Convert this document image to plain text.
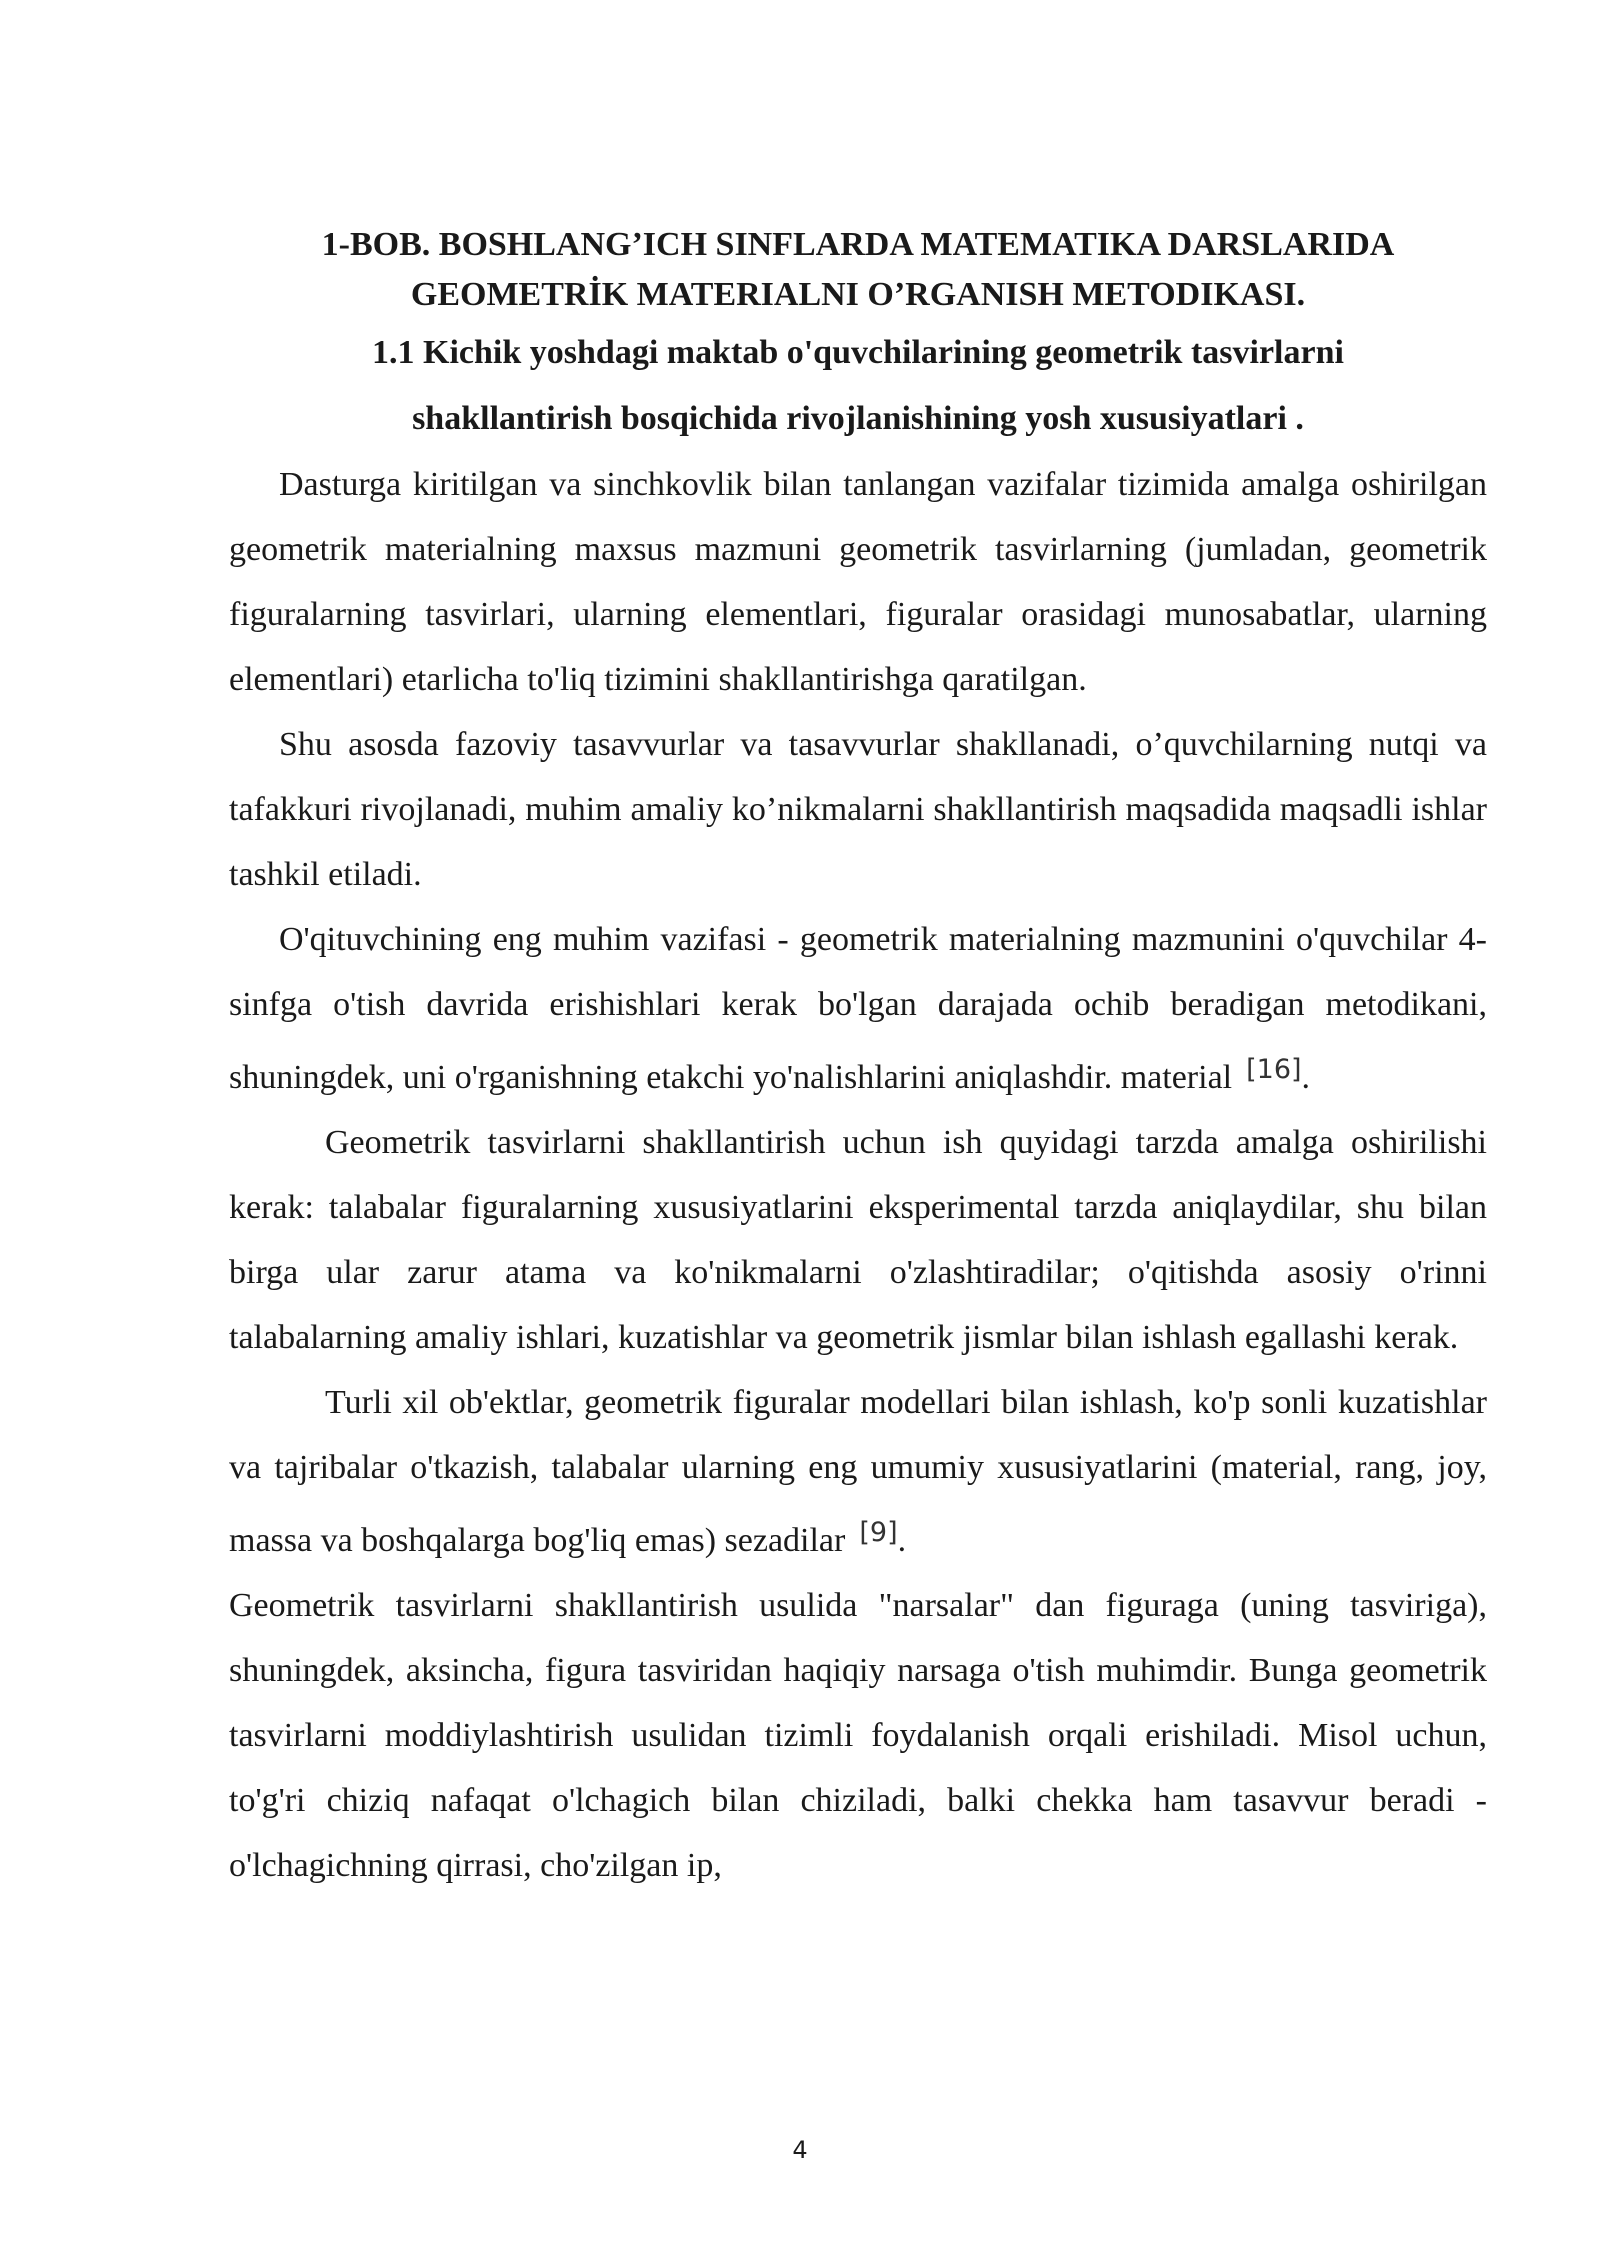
1-BOB. BOSHLANG’ICH SINFLARDA MATEMATIKA DARSLARIDA
GEOMETRİK MATERIALNI O’RGANISH METODIKASI.
1.1 Kichik yoshdagi maktab o'quvchilarining geometrik tasvirlarni
shakllantirish bosqichida rivojlanishining yosh xususiyatlari .

Dasturga kiritilgan va sinchkovlik bilan tanlangan vazifalar tizimida amalga oshirilgan geometrik materialning maxsus mazmuni geometrik tasvirlarning (jumladan, geometrik figuralarning tasvirlari, ularning elementlari, figuralar orasidagi munosabatlar, ularning elementlari) etarlicha to'liq tizimini shakllantirishga qaratilgan.

Shu asosda fazoviy tasavvurlar va tasavvurlar shakllanadi, o’quvchilarning nutqi va tafakkuri rivojlanadi, muhim amaliy ko’nikmalarni shakllantirish maqsadida maqsadli ishlar tashkil etiladi.

O'qituvchining eng muhim vazifasi - geometrik materialning mazmunini o'quvchilar 4-sinfga o'tish davrida erishishlari kerak bo'lgan darajada ochib beradigan metodikani, shuningdek, uni o'rganishning etakchi yo'nalishlarini aniqlashdir. material [16].

Geometrik tasvirlarni shakllantirish uchun ish quyidagi tarzda amalga oshirilishi kerak: talabalar figuralarning xususiyatlarini eksperimental tarzda aniqlaydilar, shu bilan birga ular zarur atama va ko'nikmalarni o'zlashtiradilar; o'qitishda asosiy o'rinni talabalarning amaliy ishlari, kuzatishlar va geometrik jismlar bilan ishlash egallashi kerak.

Turli xil ob'ektlar, geometrik figuralar modellari bilan ishlash, ko'p sonli kuzatishlar va tajribalar o'tkazish, talabalar ularning eng umumiy xususiyatlarini (material, rang, joy, massa va boshqalarga bog'liq emas) sezadilar [9].

Geometrik tasvirlarni shakllantirish usulida "narsalar" dan figuraga (uning tasviriga), shuningdek, aksincha, figura tasviridan haqiqiy narsaga o'tish muhimdir. Bunga geometrik tasvirlarni moddiylashtirish usulidan tizimli foydalanish orqali erishiladi. Misol uchun, to'g'ri chiziq nafaqat o'lchagich bilan chiziladi, balki chekka ham tasavvur beradi - o'lchagichning qirrasi, cho'zilgan ip,

4
